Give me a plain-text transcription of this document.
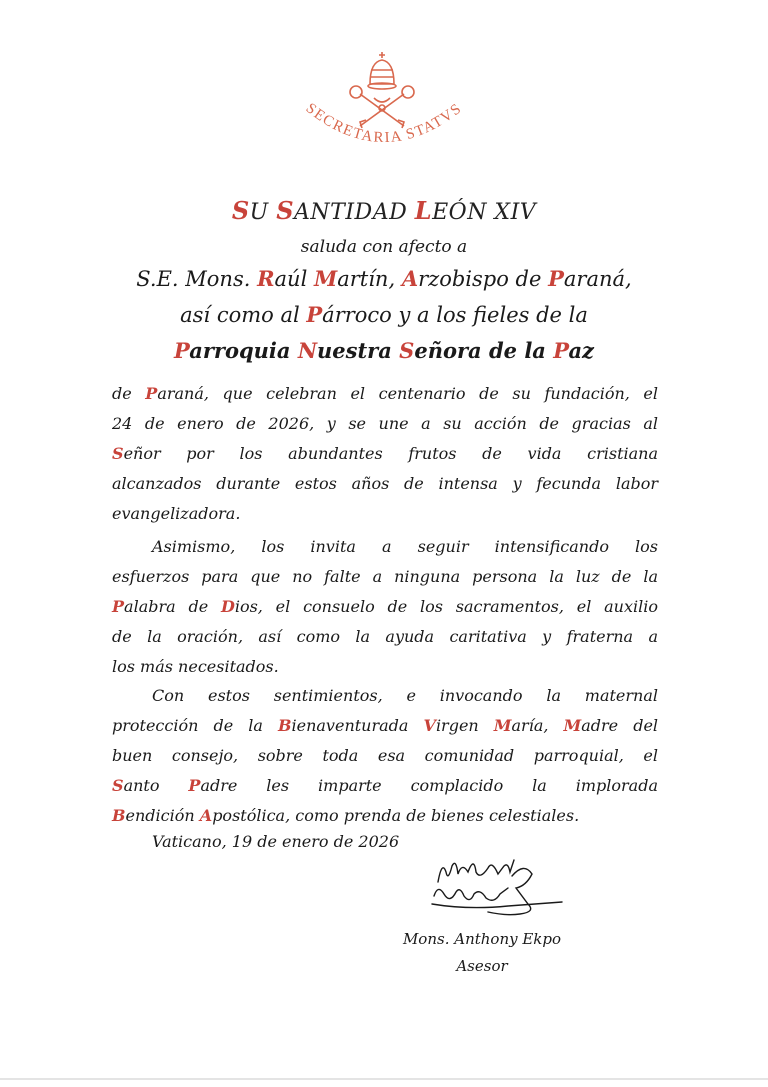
SECRETARIA STATVS
SU SANTIDAD LEÓN XIV
saluda con afecto a
S.E. Mons. Raúl Martín, Arzobispo de Paraná,
así como al Párroco y a los fieles de la
Parroquia Nuestra Señora de la Paz
de Paraná, que celebran el centenario de su fundación, el
24 de enero de 2026, y se une a su acción de gracias al
Señor por los abundantes frutos de vida cristiana
alcanzados durante estos años de intensa y fecunda labor
evangelizadora.
Asimismo, los invita a seguir intensificando los
esfuerzos para que no falte a ninguna persona la luz de la
Palabra de Dios, el consuelo de los sacramentos, el auxilio
de la oración, así como la ayuda caritativa y fraterna a
los más necesitados.
Con estos sentimientos, e invocando la maternal
protección de la Bienaventurada Virgen María, Madre del
buen consejo, sobre toda esa comunidad parroquial, el
Santo Padre les imparte complacido la implorada
Bendición Apostólica, como prenda de bienes celestiales.
Vaticano, 19 de enero de 2026
Mons. Anthony Ekpo
Asesor
